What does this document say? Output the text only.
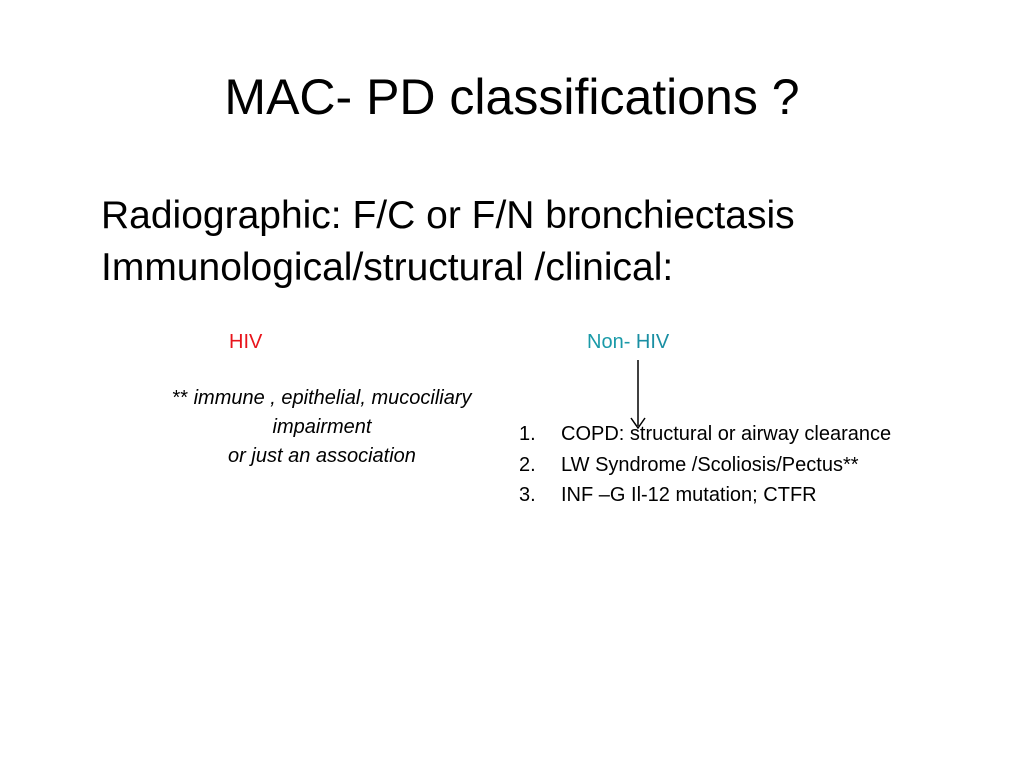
MAC- PD classifications ?
Radiographic: F/C or F/N bronchiectasis
Immunological/structural /clinical:
HIV	Non- HIV
** immune , epithelial, mucociliary
impairment
or just an association
1. COPD: structural or airway clearance
2. LW Syndrome /Scoliosis/Pectus**
3. INF –G Il-12 mutation; CTFR
